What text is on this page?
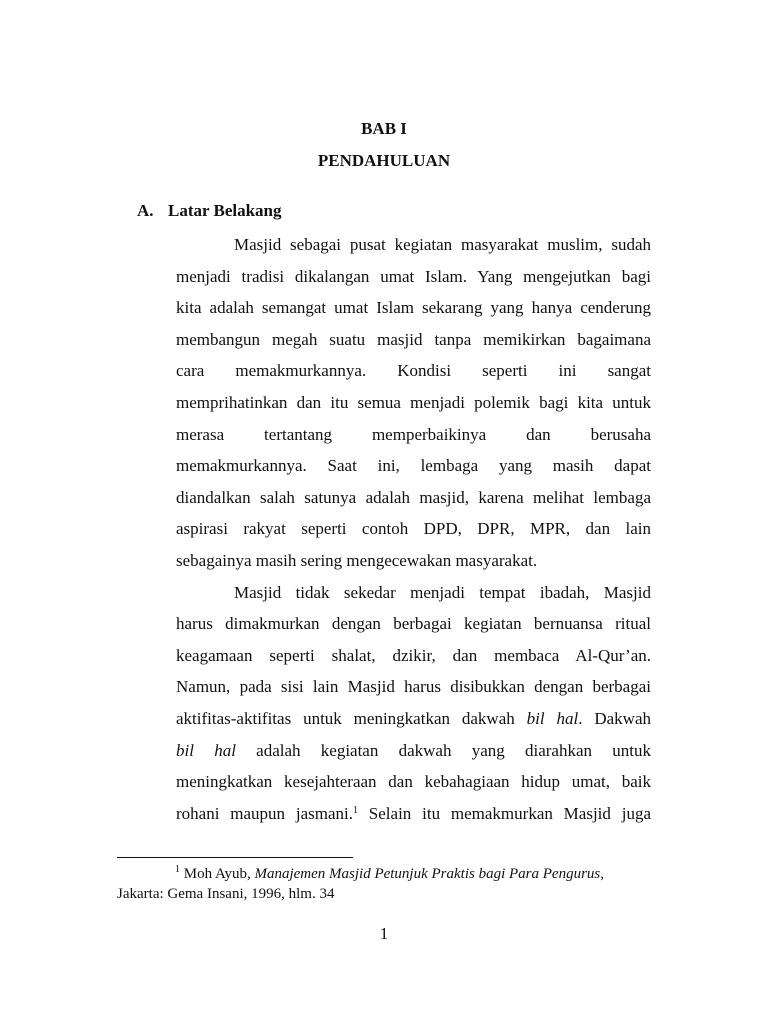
BAB I
PENDAHULUAN
A. Latar Belakang
Masjid sebagai pusat kegiatan masyarakat muslim, sudah
menjadi tradisi dikalangan umat Islam. Yang mengejutkan bagi
kita adalah semangat umat Islam sekarang yang hanya cenderung
membangun megah suatu masjid tanpa memikirkan bagaimana
cara memakmurkannya. Kondisi seperti ini sangat
memprihatinkan dan itu semua menjadi polemik bagi kita untuk
merasa tertantang memperbaikinya dan berusaha
memakmurkannya. Saat ini, lembaga yang masih dapat
diandalkan salah satunya adalah masjid, karena melihat lembaga
aspirasi rakyat seperti contoh DPD, DPR, MPR, dan lain
sebagainya masih sering mengecewakan masyarakat.
Masjid tidak sekedar menjadi tempat ibadah, Masjid
harus dimakmurkan dengan berbagai kegiatan bernuansa ritual
keagamaan seperti shalat, dzikir, dan membaca Al-Qur’an.
Namun, pada sisi lain Masjid harus disibukkan dengan berbagai
aktifitas-aktifitas untuk meningkatkan dakwah bil hal. Dakwah
bil hal adalah kegiatan dakwah yang diarahkan untuk
meningkatkan kesejahteraan dan kebahagiaan hidup umat, baik
rohani maupun jasmani.$^1$ Selain itu memakmurkan Masjid juga
$^1$ Moh Ayub, Manajemen Masjid Petunjuk Praktis bagi Para Pengurus,
Jakarta: Gema Insani, 1996, hlm. 34
1
